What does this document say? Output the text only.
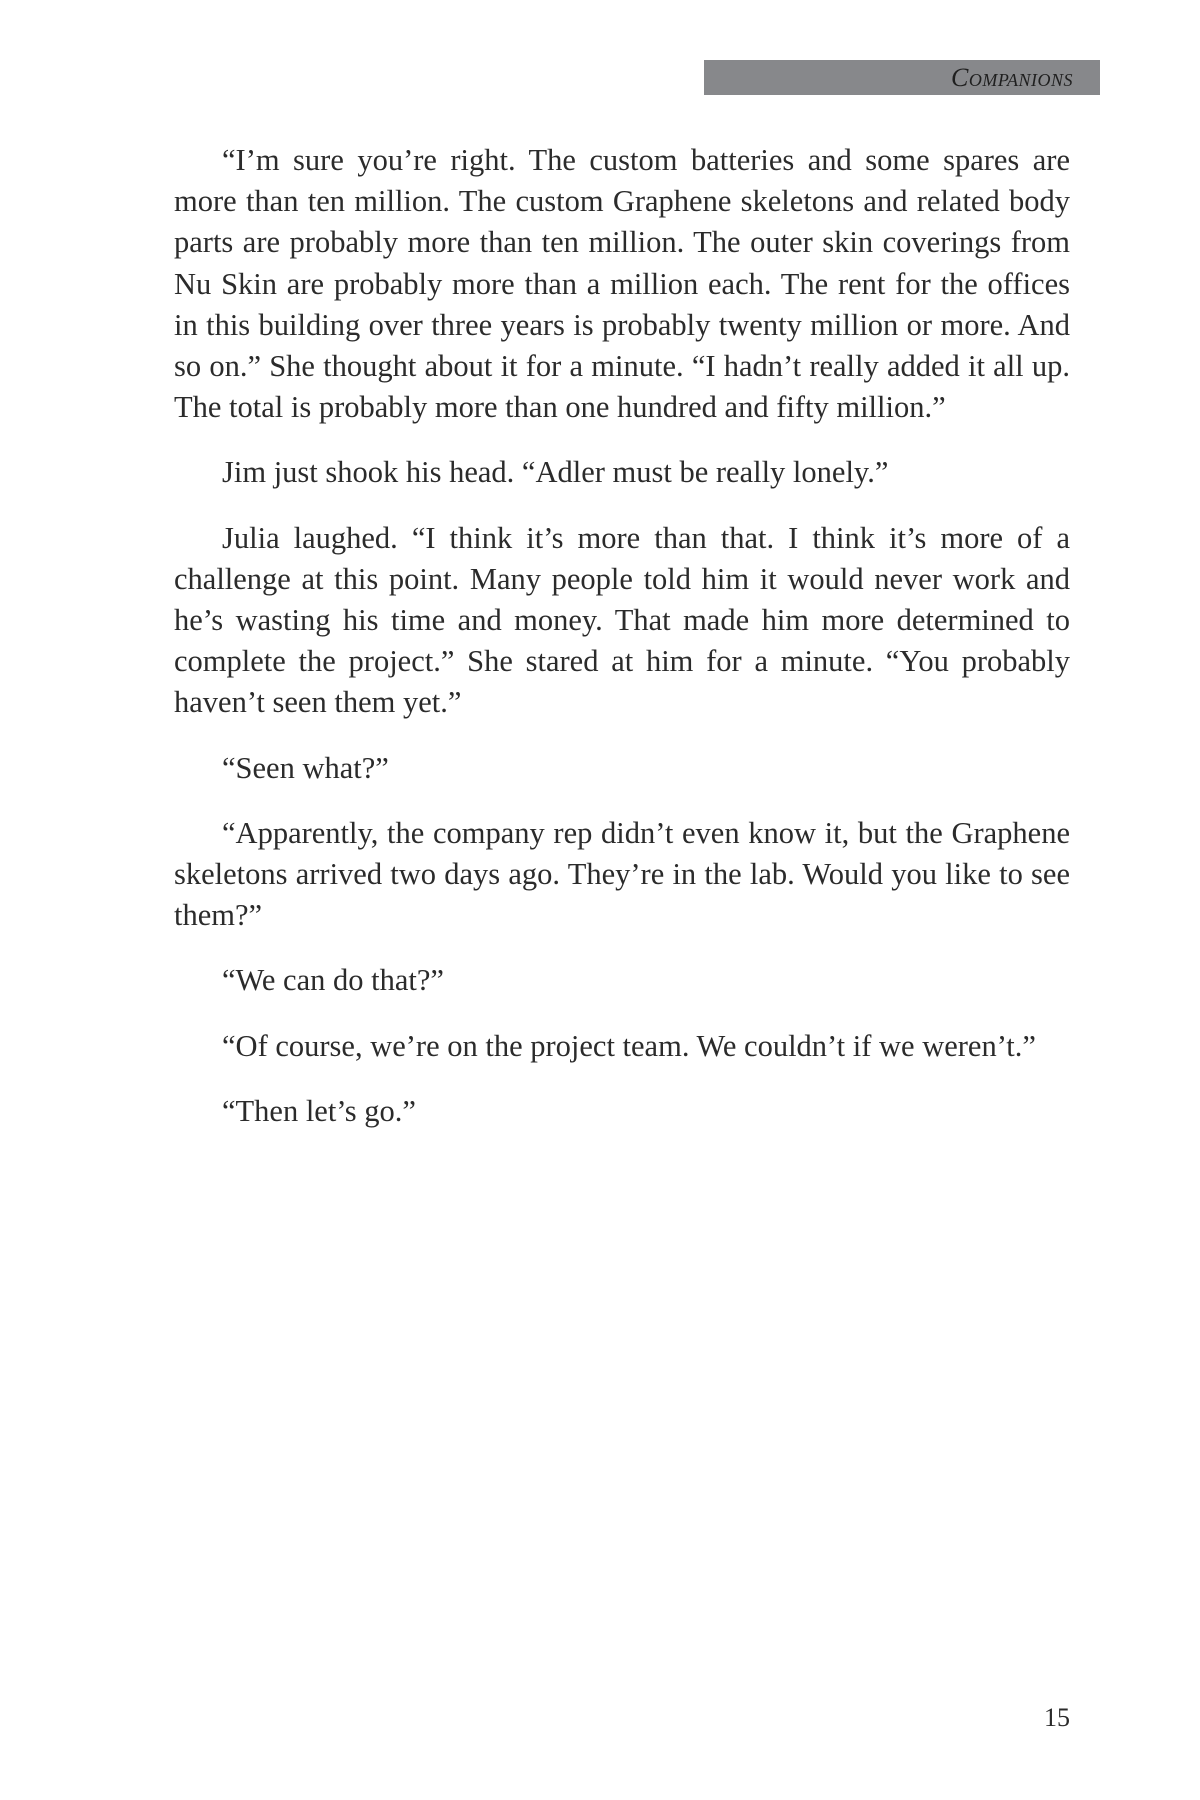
Companions

“I’m sure you’re right. The custom batteries and some spares are more than ten million. The custom Graphene skeletons and related body parts are probably more than ten million. The outer skin coverings from Nu Skin are probably more than a million each. The rent for the offices in this building over three years is probably twenty million or more. And so on.” She thought about it for a minute. “I hadn’t really added it all up. The total is probably more than one hundred and fifty million.”

Jim just shook his head. “Adler must be really lonely.”

Julia laughed. “I think it’s more than that. I think it’s more of a challenge at this point. Many people told him it would never work and he’s wasting his time and money. That made him more determined to complete the project.” She stared at him for a minute. “You probably haven’t seen them yet.”

“Seen what?”

“Apparently, the company rep didn’t even know it, but the Graphene skeletons arrived two days ago. They’re in the lab. Would you like to see them?”

“We can do that?”

“Of course, we’re on the project team. We couldn’t if we weren’t.”

“Then let’s go.”

15
